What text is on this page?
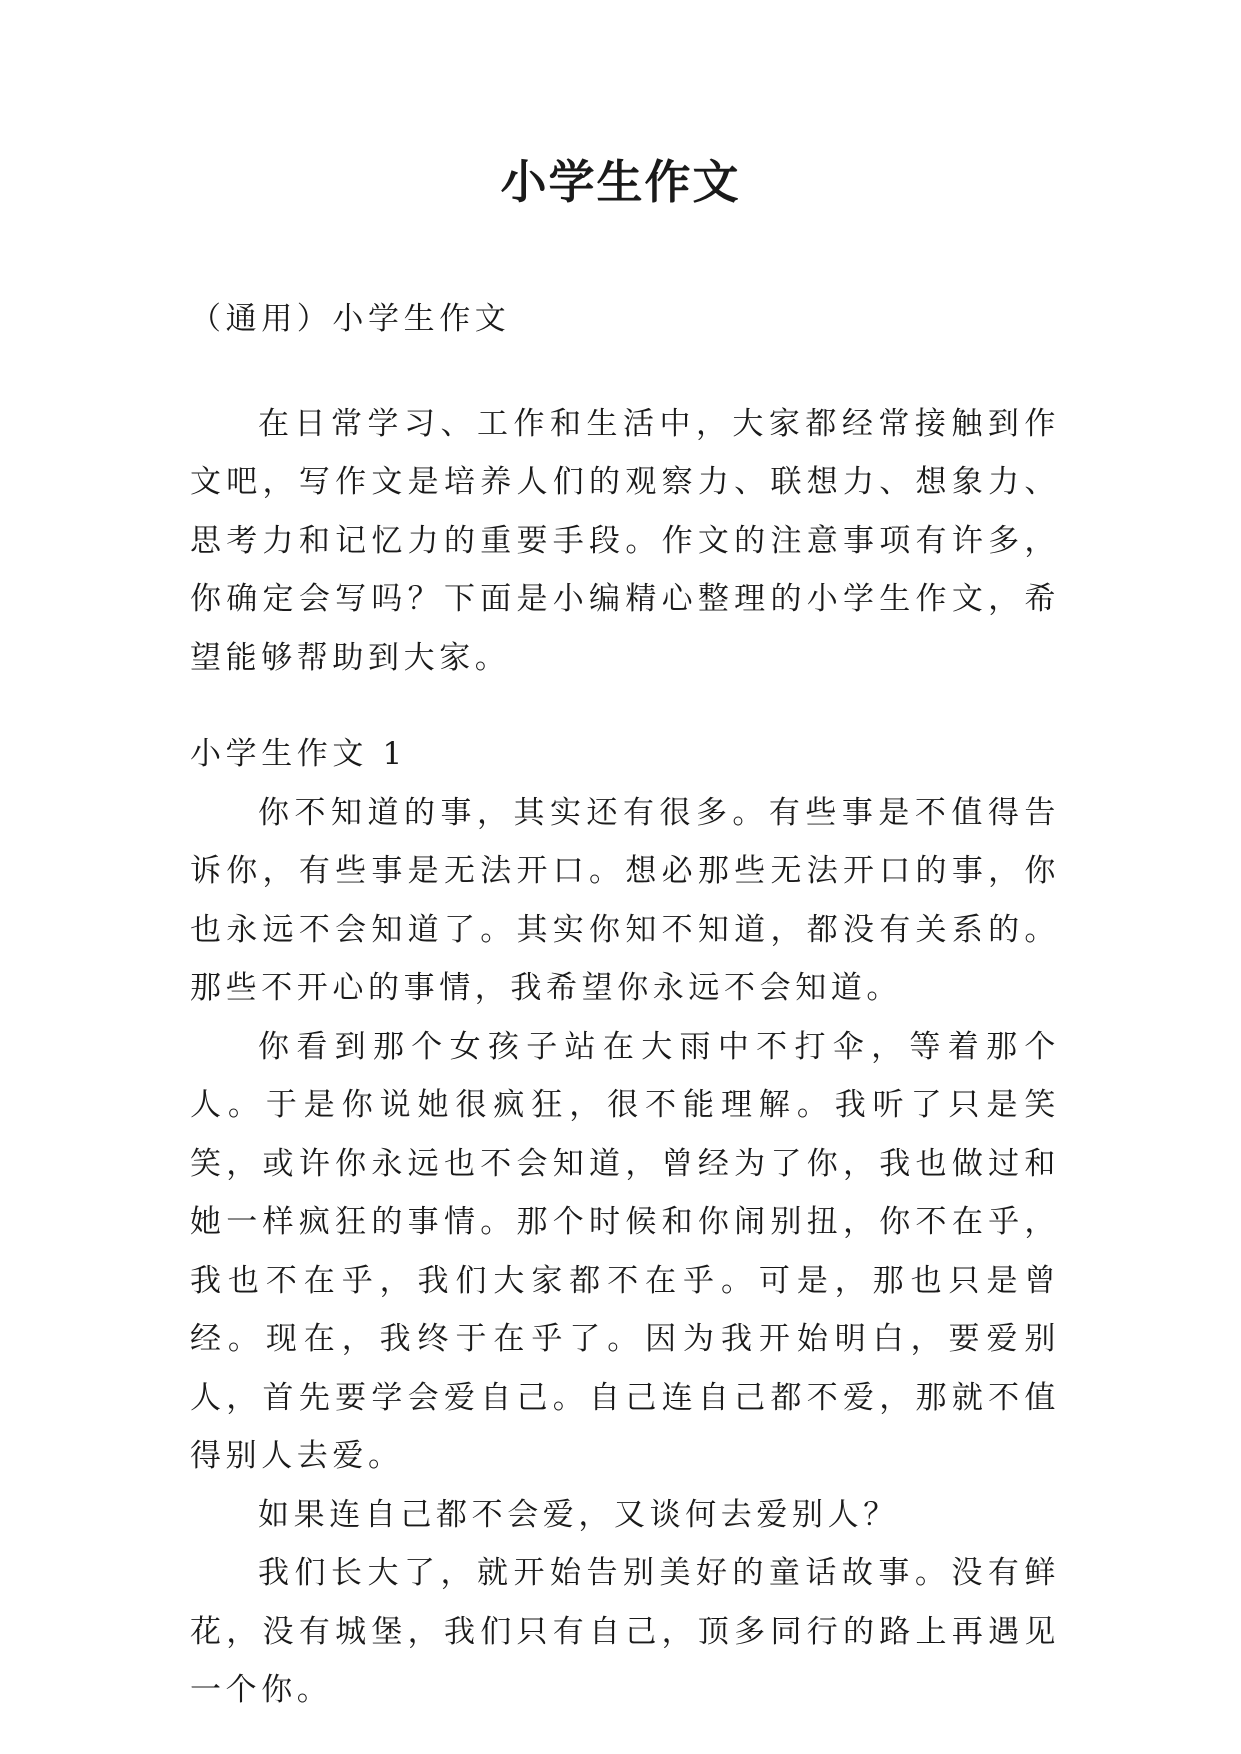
小学生作文

（通用）小学生作文

在日常学习、工作和生活中，大家都经常接触到作文吧，写作文是培养人们的观察力、联想力、想象力、思考力和记忆力的重要手段。作文的注意事项有许多，你确定会写吗？下面是小编精心整理的小学生作文，希望能够帮助到大家。

小学生作文 1

你不知道的事，其实还有很多。有些事是不值得告诉你，有些事是无法开口。想必那些无法开口的事，你也永远不会知道了。其实你知不知道，都没有关系的。那些不开心的事情，我希望你永远不会知道。

你看到那个女孩子站在大雨中不打伞，等着那个人。于是你说她很疯狂，很不能理解。我听了只是笑笑，或许你永远也不会知道，曾经为了你，我也做过和她一样疯狂的事情。那个时候和你闹别扭，你不在乎，我也不在乎，我们大家都不在乎。可是，那也只是曾经。现在，我终于在乎了。因为我开始明白，要爱别人，首先要学会爱自己。自己连自己都不爱，那就不值得别人去爱。

如果连自己都不会爱，又谈何去爱别人？

我们长大了，就开始告别美好的童话故事。没有鲜花，没有城堡，我们只有自己，顶多同行的路上再遇见一个你。
